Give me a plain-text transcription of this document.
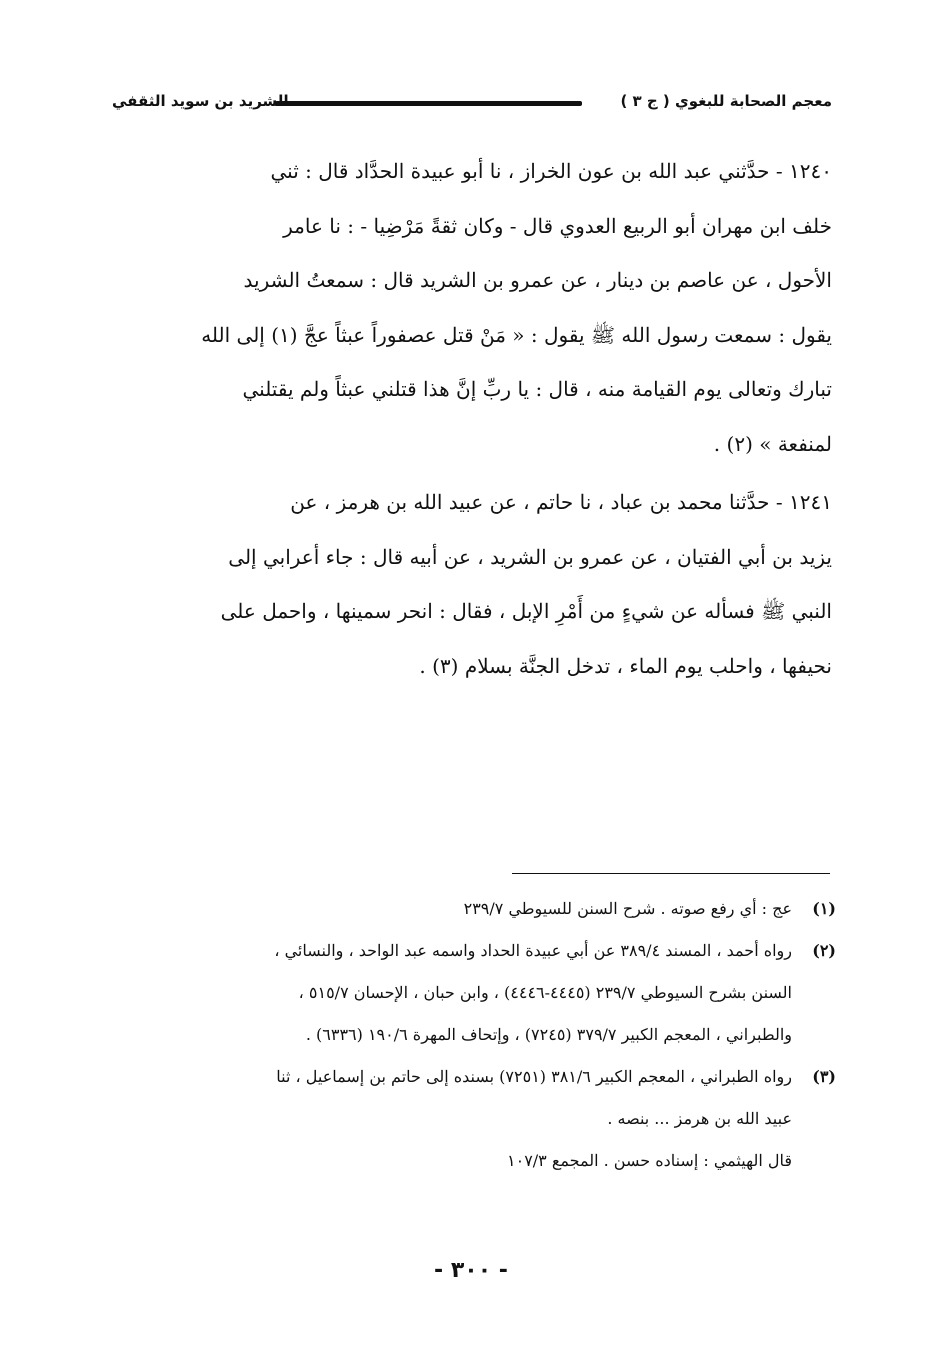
معجم الصحابة للبغوي ( ج ٣ )
الشريد بن سويد الثقفي

١٢٤٠ - حدَّثني عبد الله بن عون الخراز ، نا أبو عبيدة الحدَّاد قال : ثني

خلف ابن مهران أبو الربيع العدوي قال - وكان ثقةً مَرْضِيا - : نا عامر

الأحول ، عن عاصم بن دينار ، عن عمرو بن الشريد قال : سمعتُ الشريد

يقول : سمعت رسول الله ﷺ يقول : « مَنْ قتل عصفوراً عبثاً عجَّ (١) إلى الله

تبارك وتعالى يوم القيامة منه ، قال : يا ربِّ إنَّ هذا قتلني عبثاً ولم يقتلني

لمنفعة » (٢) .

١٢٤١ - حدَّثنا محمد بن عباد ، نا حاتم ، عن عبيد الله بن هرمز ، عن

يزيد بن أبي الفتيان ، عن عمرو بن الشريد ، عن أبيه قال : جاء أعرابي إلى

النبي ﷺ فسأله عن شيءٍ من أَمْرِ الإبل ، فقال : انحر سمينها ، واحمل على

نحيفها ، واحلب يوم الماء ، تدخل الجنَّة بسلام (٣) .

(١)
عج : أي رفع صوته . شرح السنن للسيوطي ٢٣٩/٧
(٢)
رواه أحمد ، المسند ٣٨٩/٤ عن أبي عبيدة الحداد واسمه عبد الواحد ، والنسائي ،
السنن بشرح السيوطي ٢٣٩/٧ (٤٤٤٥-٤٤٤٦) ، وابن حبان ، الإحسان ٥١٥/٧ ،
والطبراني ، المعجم الكبير ٣٧٩/٧ (٧٢٤٥) ، وإتحاف المهرة ١٩٠/٦ (٦٣٣٦) .
(٣)
رواه الطبراني ، المعجم الكبير ٣٨١/٦ (٧٢٥١) بسنده إلى حاتم بن إسماعيل ، ثنا
عبيد الله بن هرمز ... بنصه .
قال الهيثمي : إسناده حسن . المجمع ١٠٧/٣
- ٣٠٠ -
